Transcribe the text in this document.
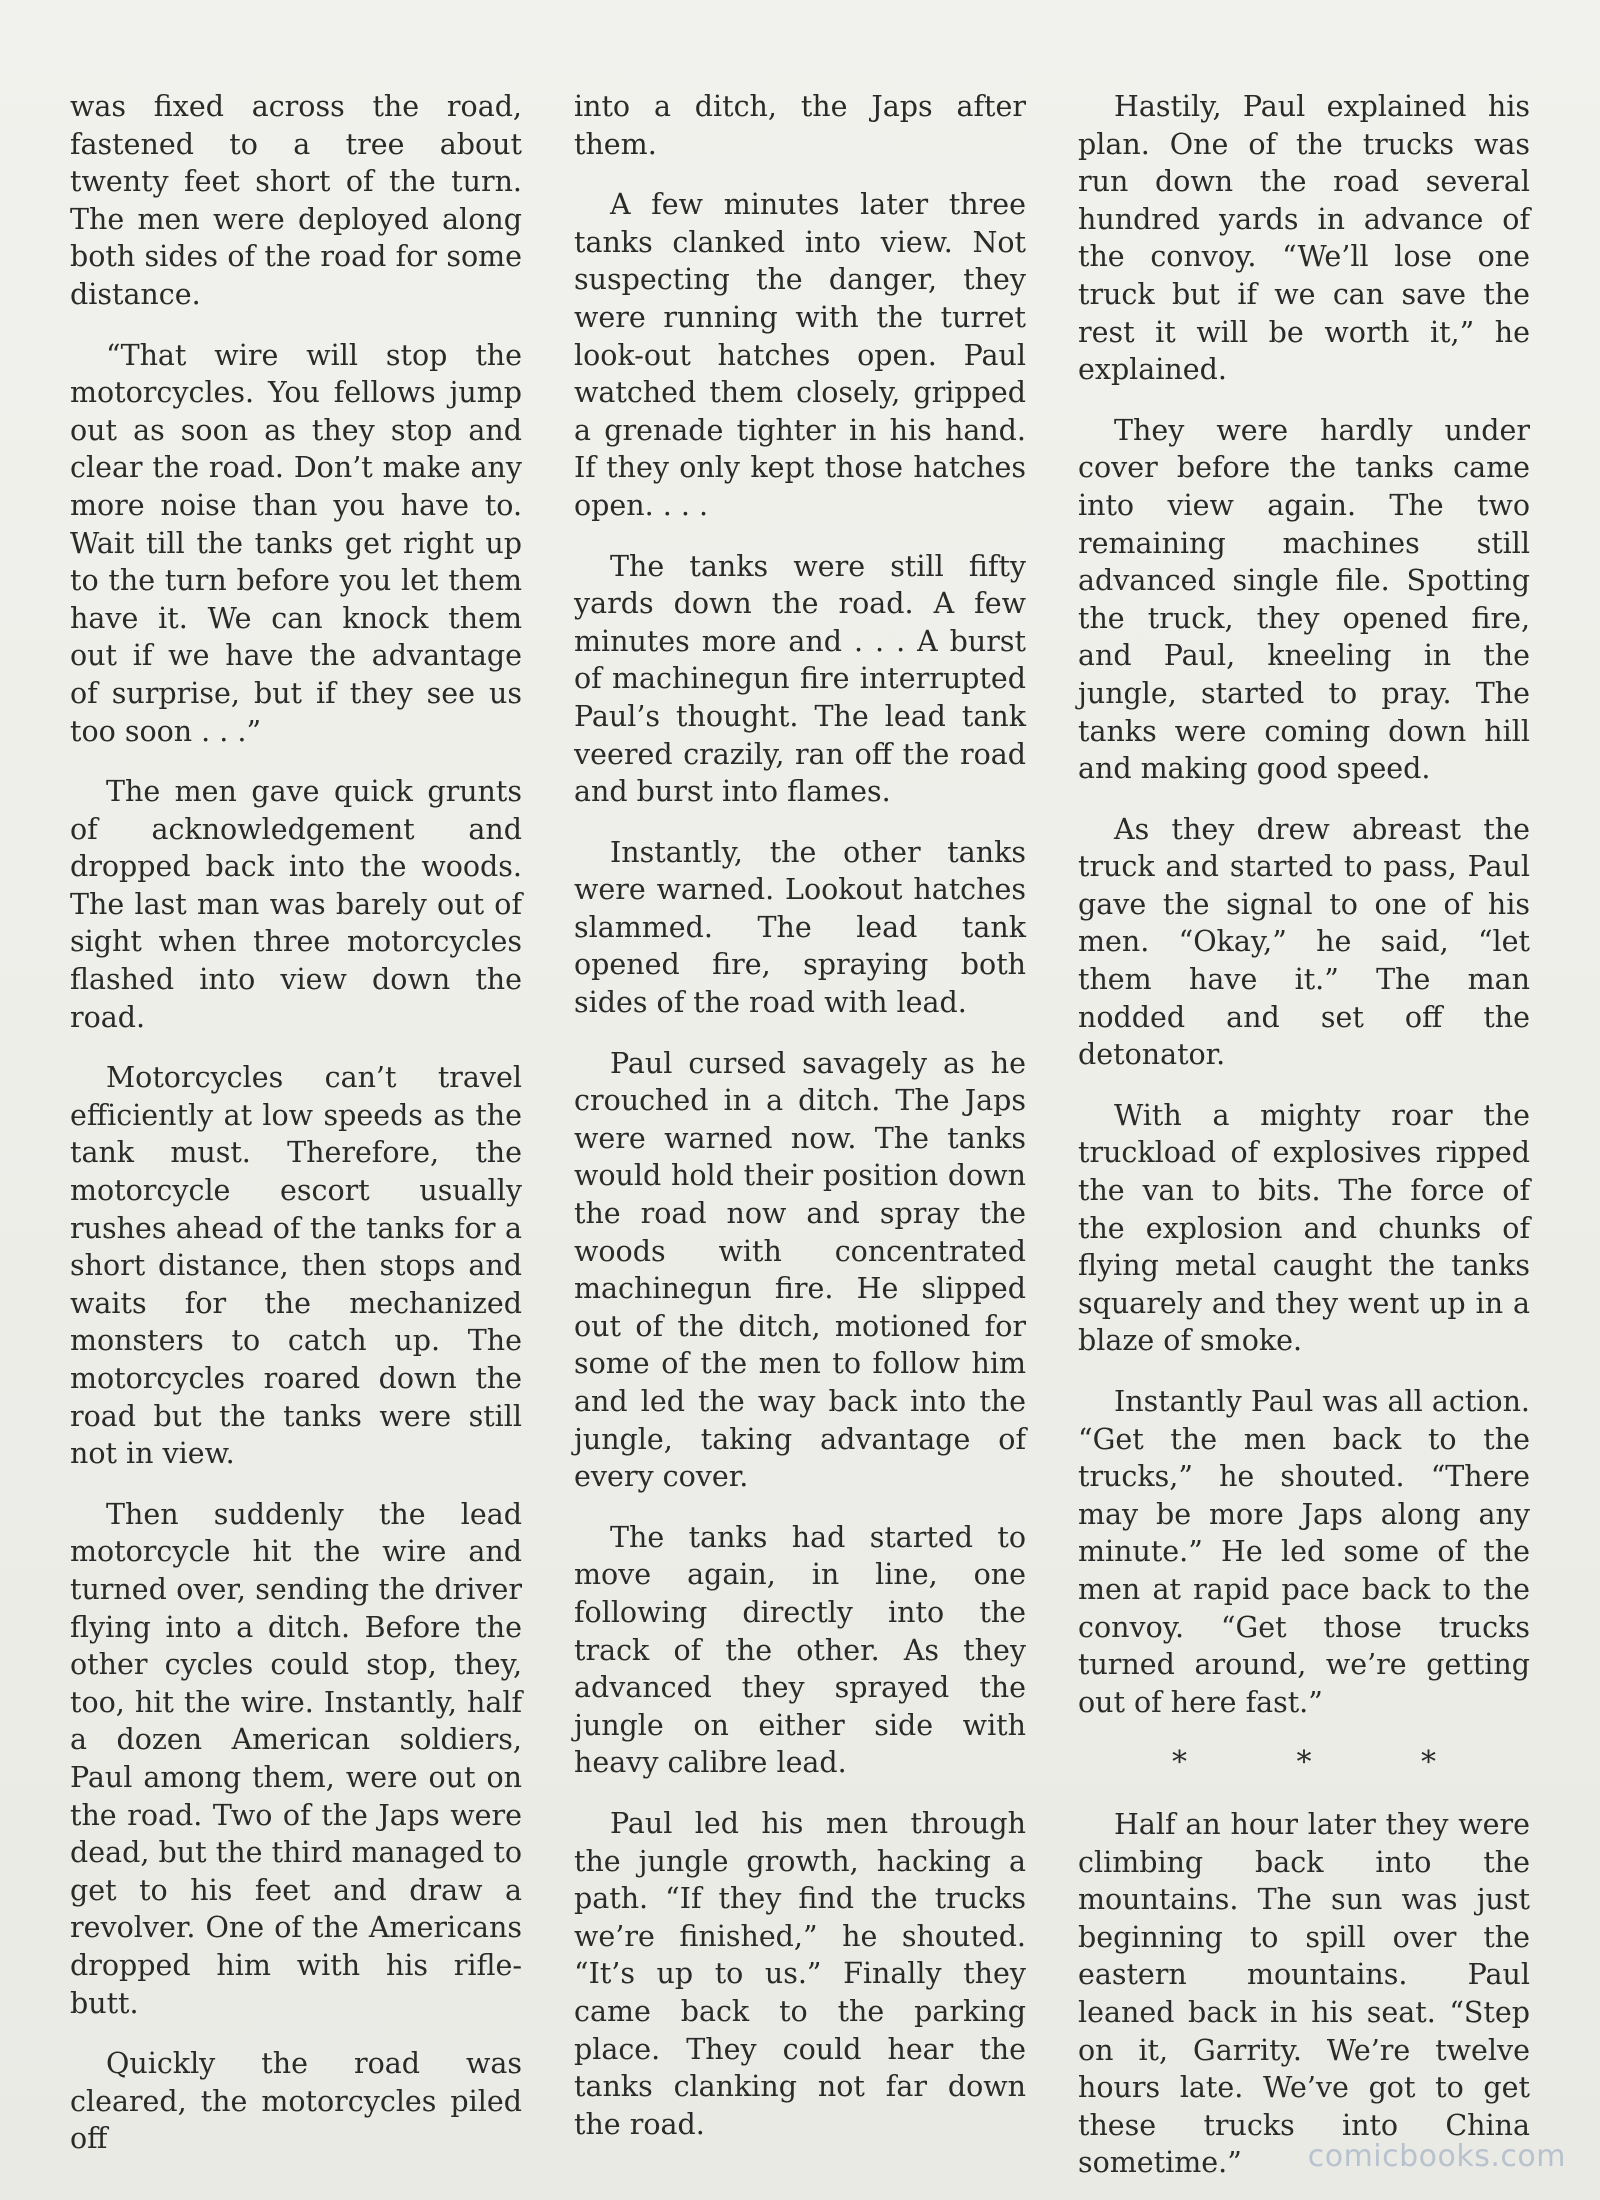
was fixed across the road, fastened to a tree about twenty feet short of the turn. The men were deployed along both sides of the road for some distance.

“That wire will stop the motorcycles. You fellows jump out as soon as they stop and clear the road. Don’t make any more noise than you have to. Wait till the tanks get right up to the turn before you let them have it. We can knock them out if we have the advantage of surprise, but if they see us too soon . . .”

The men gave quick grunts of acknowledgement and dropped back into the woods. The last man was barely out of sight when three motorcycles flashed into view down the road.

Motorcycles can’t travel efficiently at low speeds as the tank must. Therefore, the motorcycle escort usually rushes ahead of the tanks for a short distance, then stops and waits for the mechanized monsters to catch up. The motorcycles roared down the road but the tanks were still not in view.

Then suddenly the lead motorcycle hit the wire and turned over, sending the driver flying into a ditch. Before the other cycles could stop, they, too, hit the wire. Instantly, half a dozen American soldiers, Paul among them, were out on the road. Two of the Japs were dead, but the third managed to get to his feet and draw a revolver. One of the Americans dropped him with his rifle-butt.

Quickly the road was cleared, the motorcycles piled off

into a ditch, the Japs after them.

A few minutes later three tanks clanked into view. Not suspecting the danger, they were running with the turret look-out hatches open. Paul watched them closely, gripped a grenade tighter in his hand. If they only kept those hatches open. . . .

The tanks were still fifty yards down the road. A few minutes more and . . . A burst of machinegun fire interrupted Paul’s thought. The lead tank veered crazily, ran off the road and burst into flames.

Instantly, the other tanks were warned. Lookout hatches slammed. The lead tank opened fire, spraying both sides of the road with lead.

Paul cursed savagely as he crouched in a ditch. The Japs were warned now. The tanks would hold their position down the road now and spray the woods with concentrated machinegun fire. He slipped out of the ditch, motioned for some of the men to follow him and led the way back into the jungle, taking advantage of every cover.

The tanks had started to move again, in line, one following directly into the track of the other. As they advanced they sprayed the jungle on either side with heavy calibre lead.

Paul led his men through the jungle growth, hacking a path. “If they find the trucks we’re finished,” he shouted. “It’s up to us.” Finally they came back to the parking place. They could hear the tanks clanking not far down the road.

Hastily, Paul explained his plan. One of the trucks was run down the road several hundred yards in advance of the convoy. “We’ll lose one truck but if we can save the rest it will be worth it,” he explained.

They were hardly under cover before the tanks came into view again. The two remaining machines still advanced single file. Spotting the truck, they opened fire, and Paul, kneeling in the jungle, started to pray. The tanks were coming down hill and making good speed.

As they drew abreast the truck and started to pass, Paul gave the signal to one of his men. “Okay,” he said, “let them have it.” The man nodded and set off the detonator.

With a mighty roar the truckload of explosives ripped the van to bits. The force of the explosion and chunks of flying metal caught the tanks squarely and they went up in a blaze of smoke.

Instantly Paul was all action. “Get the men back to the trucks,” he shouted. “There may be more Japs along any minute.” He led some of the men at rapid pace back to the convoy. “Get those trucks turned around, we’re getting out of here fast.”

* * *

Half an hour later they were climbing back into the mountains. The sun was just beginning to spill over the eastern mountains. Paul leaned back in his seat. “Step on it, Garrity. We’re twelve hours late. We’ve got to get these trucks into China sometime.”	comicbooks.com
